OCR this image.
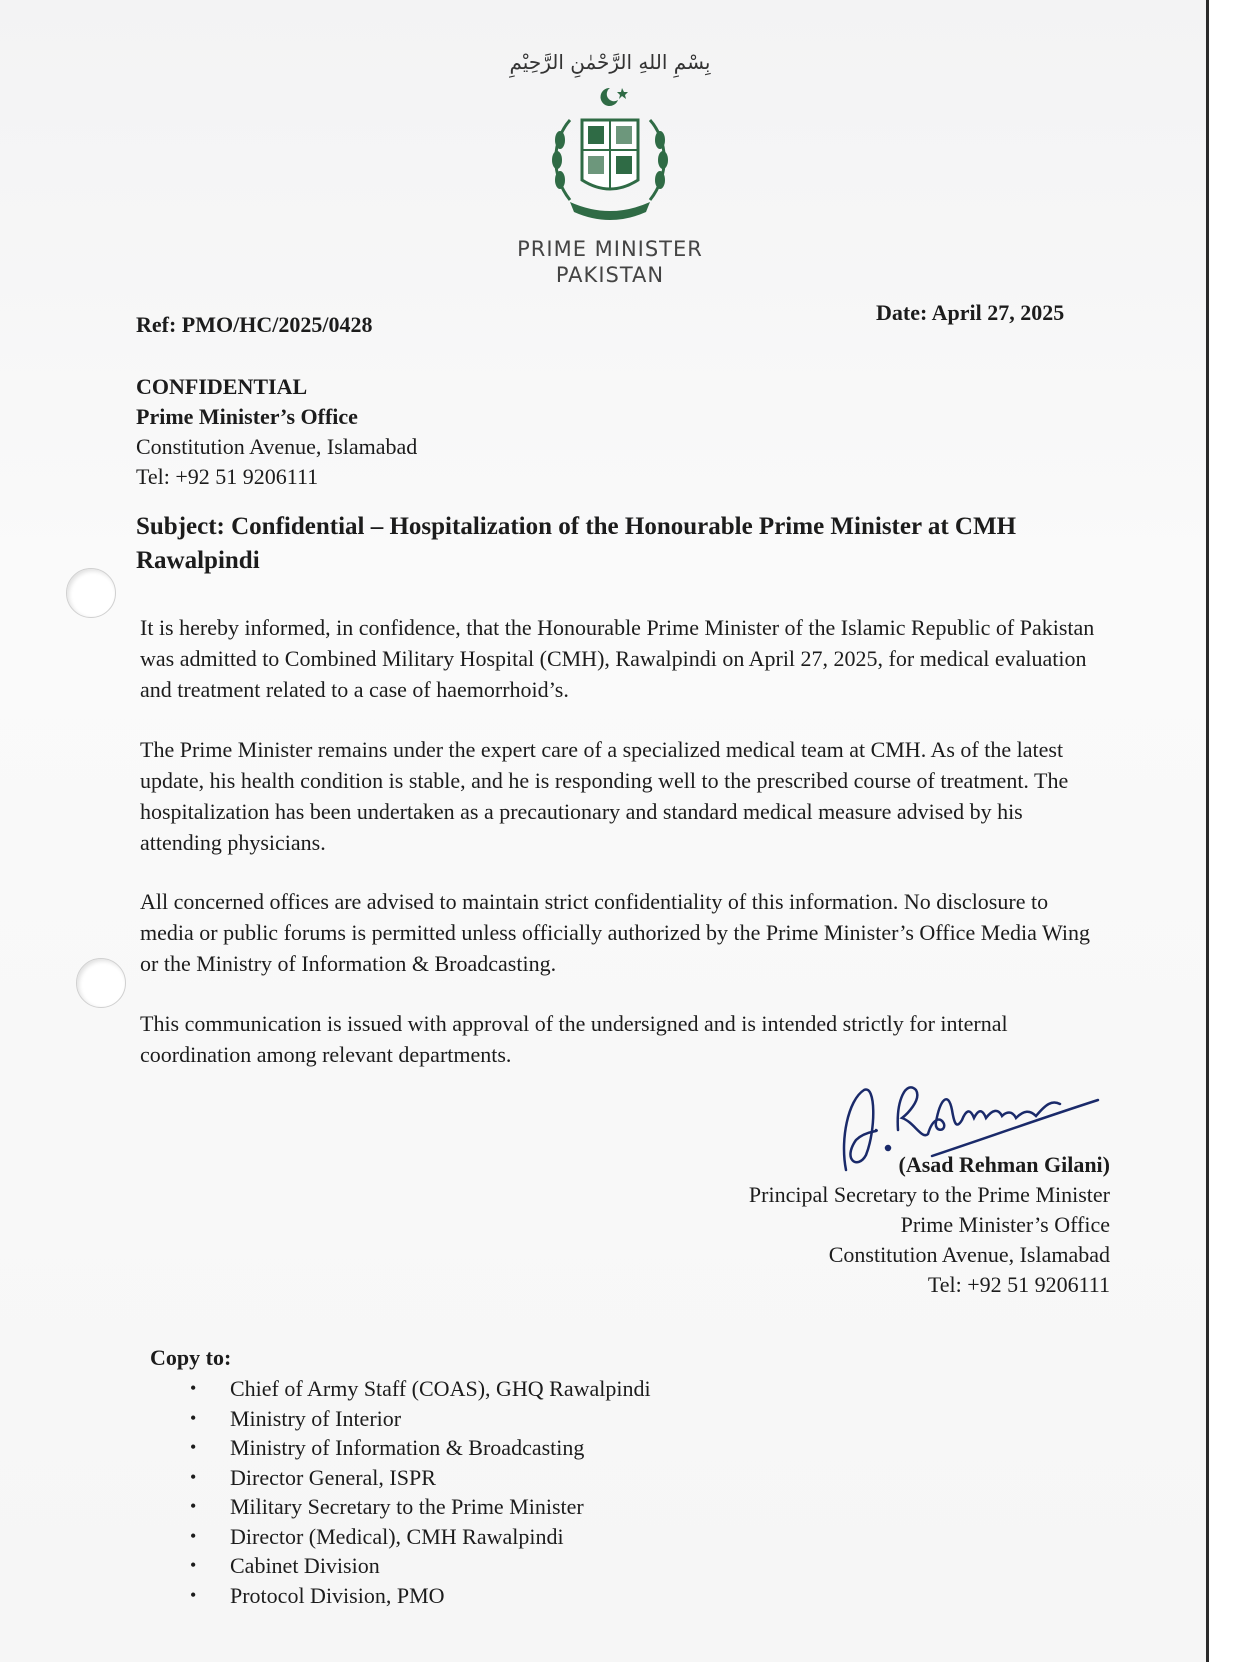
بِسْمِ اللهِ الرَّحْمٰنِ الرَّحِيْمِ
PRIME MINISTER
PAKISTAN
Ref: PMO/HC/2025/0428	Date: April 27, 2025
CONFIDENTIAL
Prime Minister’s Office
Constitution Avenue, Islamabad
Tel: +92 51 9206111
Subject: Confidential – Hospitalization of the Honourable Prime Minister at CMH Rawalpindi
It is hereby informed, in confidence, that the Honourable Prime Minister of the Islamic Republic of Pakistan was admitted to Combined Military Hospital (CMH), Rawalpindi on April 27, 2025, for medical evaluation and treatment related to a case of haemorrhoid’s.
The Prime Minister remains under the expert care of a specialized medical team at CMH. As of the latest update, his health condition is stable, and he is responding well to the prescribed course of treatment. The hospitalization has been undertaken as a precautionary and standard medical measure advised by his attending physicians.
All concerned offices are advised to maintain strict confidentiality of this information. No disclosure to media or public forums is permitted unless officially authorized by the Prime Minister’s Office Media Wing or the Ministry of Information & Broadcasting.
This communication is issued with approval of the undersigned and is intended strictly for internal coordination among relevant departments.
(Asad Rehman Gilani)
Principal Secretary to the Prime Minister
Prime Minister’s Office
Constitution Avenue, Islamabad
Tel: +92 51 9206111
Copy to:
• Chief of Army Staff (COAS), GHQ Rawalpindi
• Ministry of Interior
• Ministry of Information & Broadcasting
• Director General, ISPR
• Military Secretary to the Prime Minister
• Director (Medical), CMH Rawalpindi
• Cabinet Division
• Protocol Division, PMO
